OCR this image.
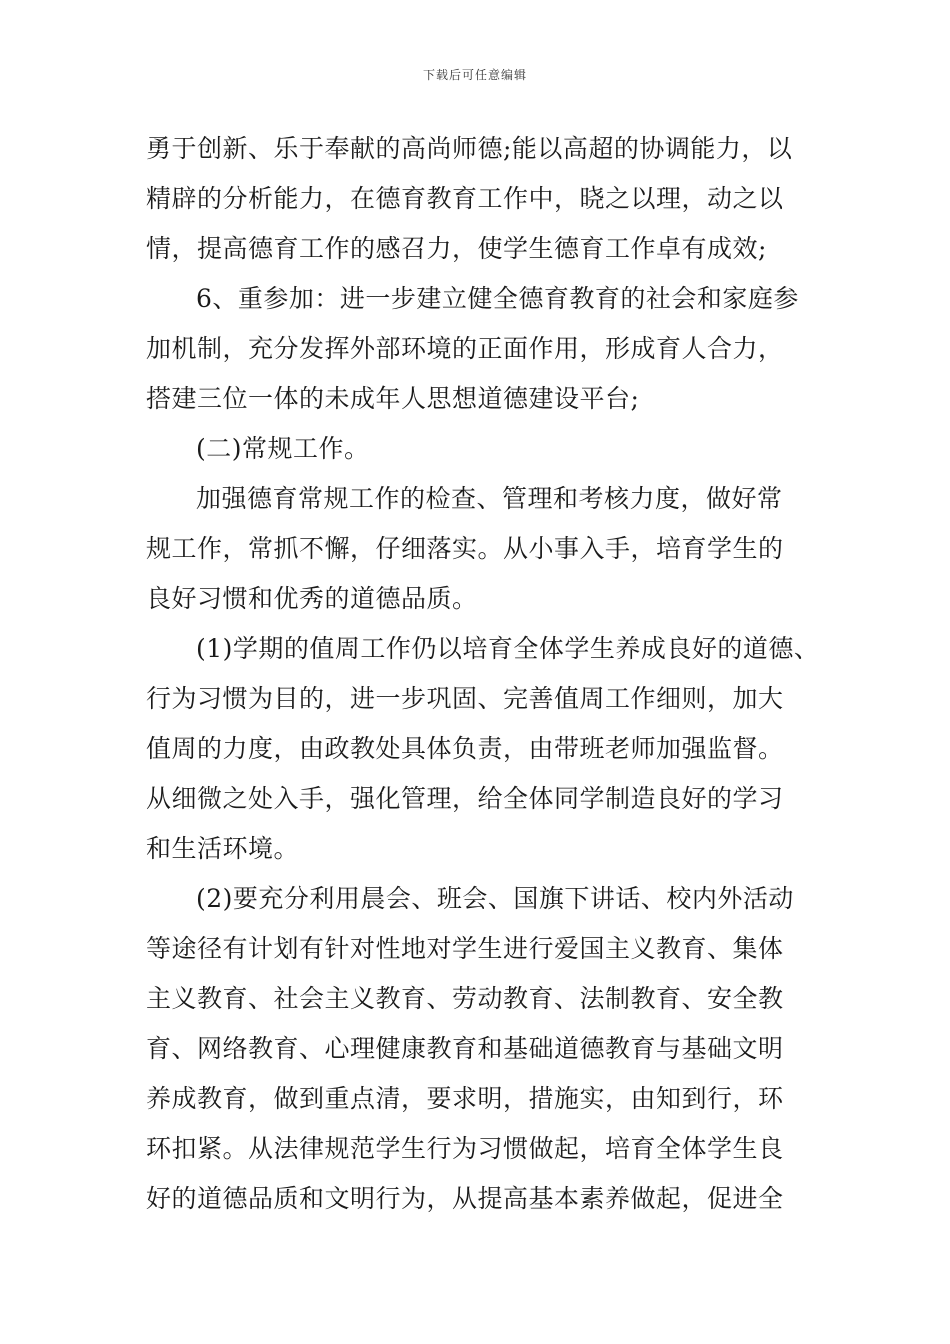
下载后可任意编辑
勇于创新、乐于奉献的高尚师德;能以高超的协调能力，以
精辟的分析能力，在德育教育工作中，晓之以理，动之以
情，提高德育工作的感召力，使学生德育工作卓有成效;
6、重参加：进一步建立健全德育教育的社会和家庭参
加机制，充分发挥外部环境的正面作用，形成育人合力，
搭建三位一体的未成年人思想道德建设平台;
(二)常规工作。
加强德育常规工作的检查、管理和考核力度，做好常
规工作，常抓不懈，仔细落实。从小事入手，培育学生的
良好习惯和优秀的道德品质。
(1)学期的值周工作仍以培育全体学生养成良好的道德、
行为习惯为目的，进一步巩固、完善值周工作细则，加大
值周的力度，由政教处具体负责，由带班老师加强监督。
从细微之处入手，强化管理，给全体同学制造良好的学习
和生活环境。
(2)要充分利用晨会、班会、国旗下讲话、校内外活动
等途径有计划有针对性地对学生进行爱国主义教育、集体
主义教育、社会主义教育、劳动教育、法制教育、安全教
育、网络教育、心理健康教育和基础道德教育与基础文明
养成教育，做到重点清，要求明，措施实，由知到行，环
环扣紧。从法律规范学生行为习惯做起，培育全体学生良
好的道德品质和文明行为，从提高基本素养做起，促进全
